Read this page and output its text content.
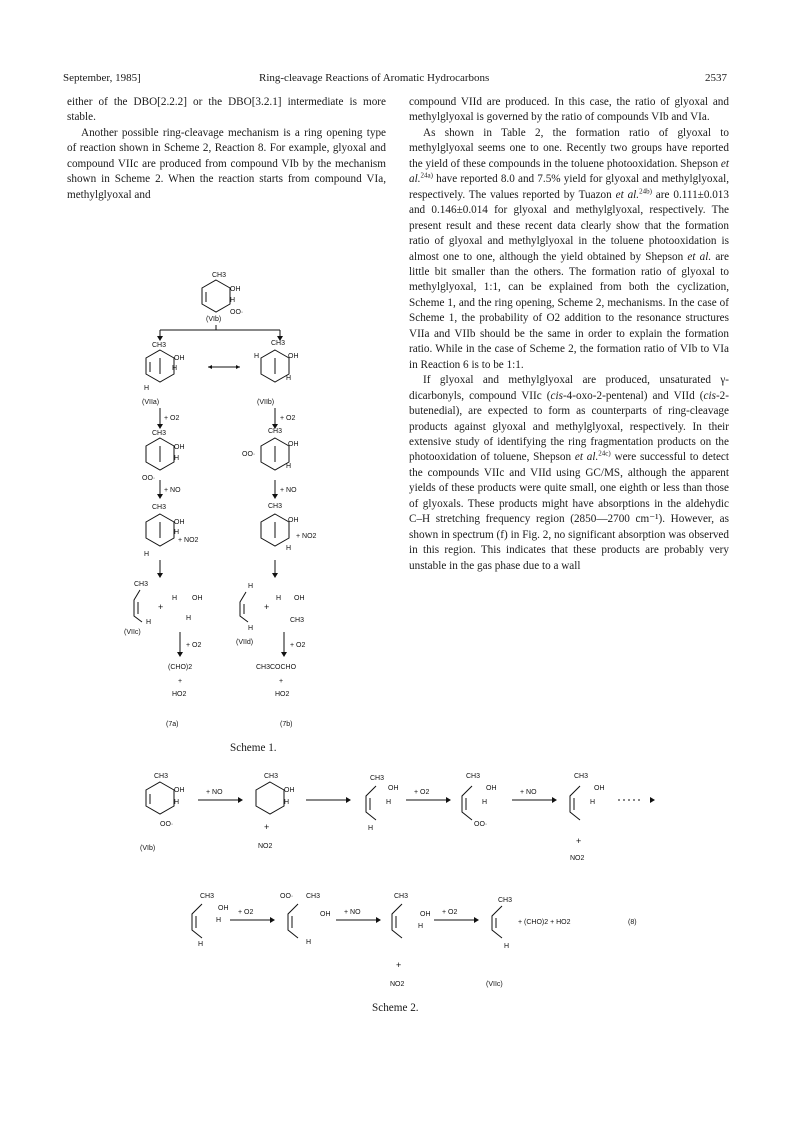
September, 1985]	Ring-cleavage Reactions of Aromatic Hydrocarbons	2537

either of the DBO[2.2.2] or the DBO[3.2.1] intermediate is more stable.

Another possible ring-cleavage mechanism is a ring opening type of reaction shown in Scheme 2, Reaction 8. For example, glyoxal and compound VIIc are produced from compound VIb by the mechanism shown in Scheme 2. When the reaction starts from compound VIa, methylglyoxal and

compound VIId are produced. In this case, the ratio of glyoxal and methylglyoxal is governed by the ratio of compounds VIb and VIa.

As shown in Table 2, the formation ratio of glyoxal to methylglyoxal seems one to one. Recently two groups have reported the yield of these compounds in the toluene photooxidation. Shepson et al.$^{24a)}$ have reported 8.0 and 7.5% yield for glyoxal and methylglyoxal, respectively. The values reported by Tuazon et al.$^{24b)}$ are 0.111±0.013 and 0.146±0.014 for glyoxal and methylglyoxal, respectively. The present result and these recent data clearly show that the formation ratio of glyoxal and methylglyoxal in the toluene photooxidation is almost one to one, although the yield obtained by Shepson et al. are little bit smaller than the others. The formation ratio of glyoxal to methylglyoxal, 1:1, can be explained from both the cyclization, Scheme 1, and the ring opening, Scheme 2, mechanisms. In the case of Scheme 1, the probability of O2 addition to the resonance structures VIIa and VIIb should be the same in order to explain the formation ratio. While in the case of Scheme 2, the formation ratio of VIb to VIa in Reaction 6 is to be 1:1.

If glyoxal and methylglyoxal are produced, unsaturated γ-dicarbonyls, compound VIIc (cis-4-oxo-2-pentenal) and VIId (cis-2-butenedial), are expected to form as counterparts of ring-cleavage products against glyoxal and methylglyoxal, respectively. In their extensive study of identifying the ring fragmentation products on the photooxidation of toluene, Shepson et al.$^{24c)}$ were successful to detect the compounds VIIc and VIId using GC/MS, although the apparent yields of these products were quite small, one eighth or less than those of glyoxals. These products might have absorptions in the aldehydic C–H stretching frequency region (2850—2700 cm⁻¹). However, as shown in spectrum (f) in Fig. 2, no significant absorption was observed in this region. This indicates that these products are probably very unstable in the gas phase due to a wall

CH3
OH
H
(VIb)
OO·
CH3
OH
H
H
(VIIa)
CH3
OH
H
H
(VIIb)
+ O2	+ O2
CH3
OH
H
OO·
CH3
OH
OO·
H
+ NO	+ NO
CH3
OH
H
+ NO2
H
CH3
OH
+ NO2
H
CH3
H
(VIIc)
+
H OH
H
H
H
(VIId)
+
H OH
CH3
+ O2	+ O2
(CHO)2
+
HO2
CH3COCHO
+
HO2
(7a)	(7b)
Scheme 1.
CH3
OH
H
OO·
(VIb)
+ NO
CH3
OH
H
+
NO2
CH3
OH
H
H
+ O2
CH3
OH
H
OO·
+ NO
CH3
OH
H
+
NO2
CH3
OH
H
H
+ O2
OO· CH3
OH
H
+ NO
CH3
OH
H
+
NO2
+ O2
CH3
H
(VIIc)
+ (CHO)2 + HO2	(8)
Scheme 2.
